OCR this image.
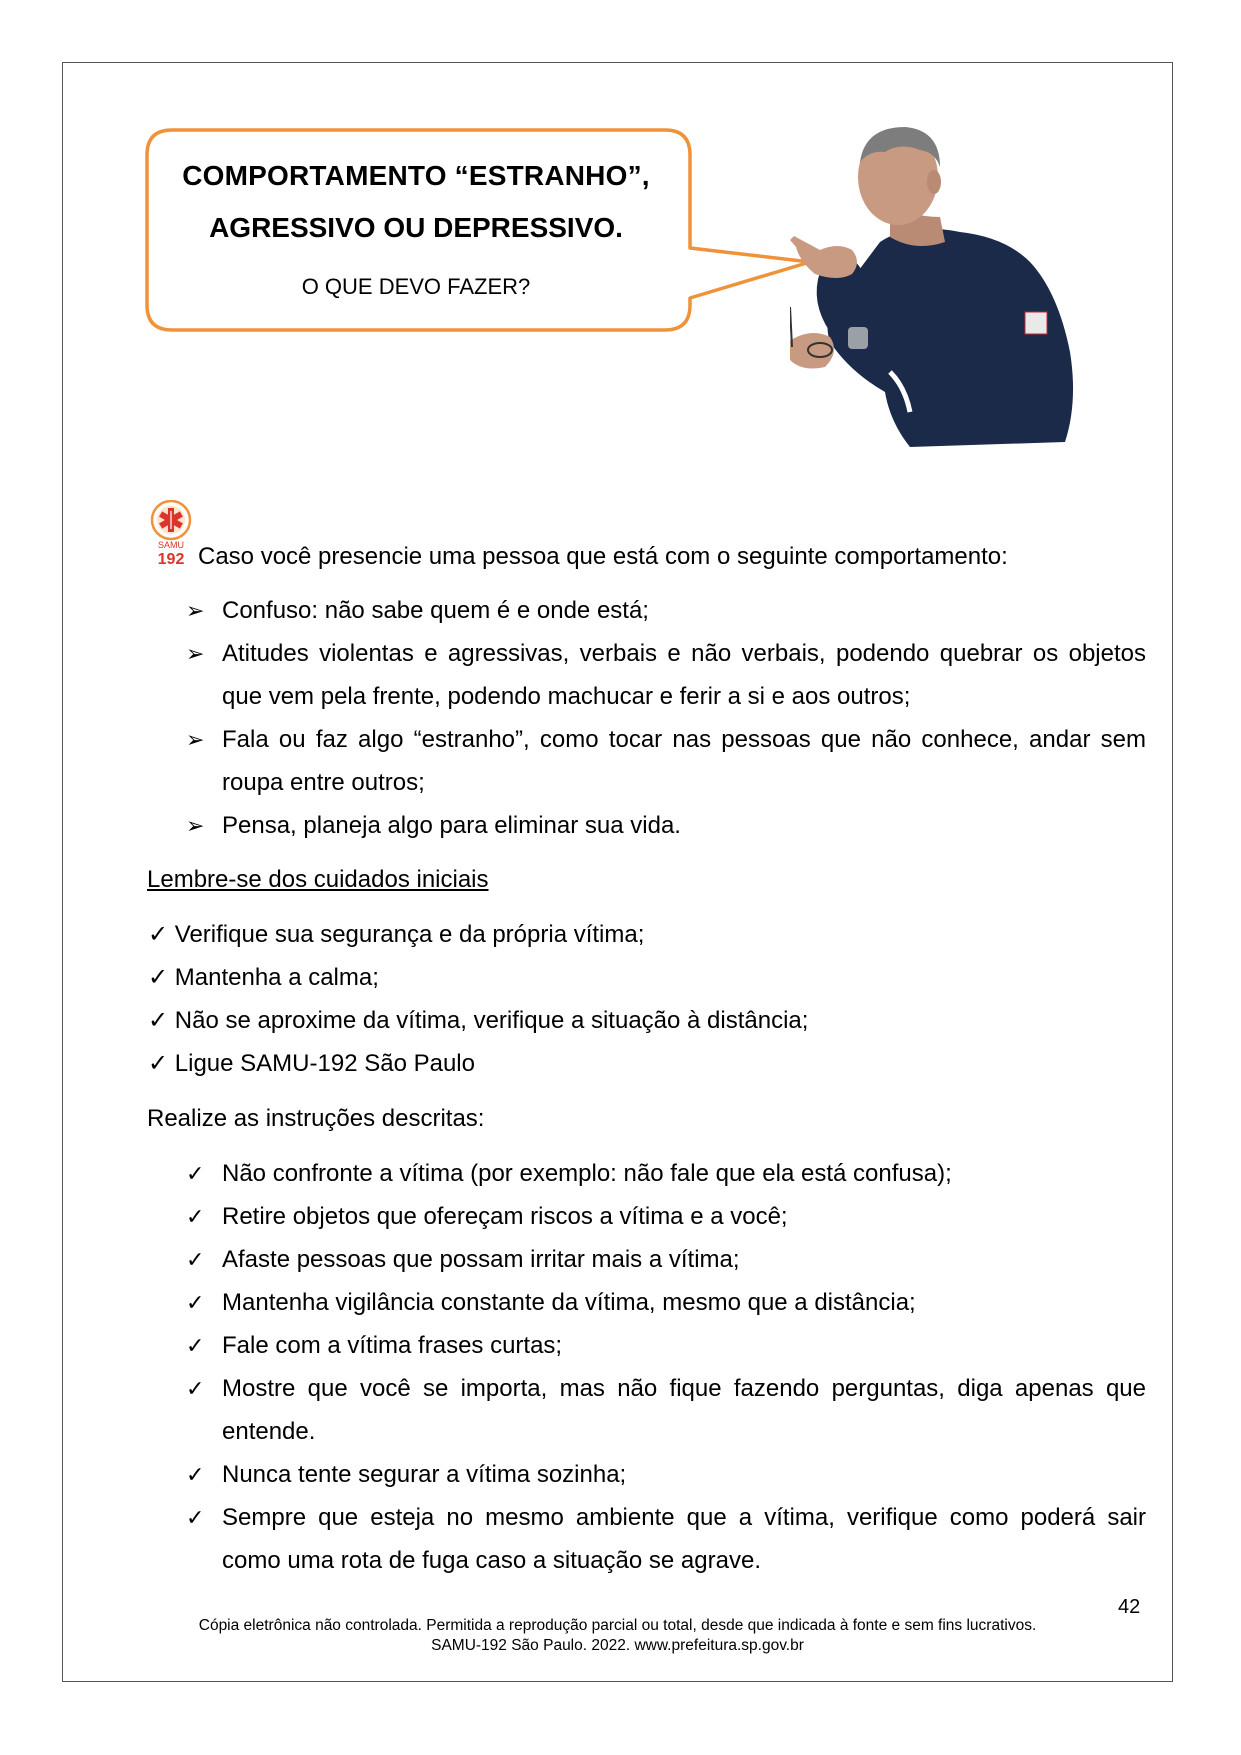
COMPORTAMENTO “ESTRANHO”,
AGRESSIVO OU DEPRESSIVO.
O QUE DEVO FAZER?
SAMU
192 Caso você presencie uma pessoa que está com o seguinte comportamento:
➢ Confuso: não sabe quem é e onde está;
➢ Atitudes violentas e agressivas, verbais e não verbais, podendo quebrar os objetos
que vem pela frente, podendo machucar e ferir a si e aos outros;
➢ Fala ou faz algo “estranho”, como tocar nas pessoas que não conhece, andar sem
roupa entre outros;
➢ Pensa, planeja algo para eliminar sua vida.
Lembre-se dos cuidados iniciais
✓ Verifique sua segurança e da própria vítima;
✓ Mantenha a calma;
✓ Não se aproxime da vítima, verifique a situação à distância;
✓ Ligue SAMU-192 São Paulo
Realize as instruções descritas:
✓ Não confronte a vítima (por exemplo: não fale que ela está confusa);
✓ Retire objetos que ofereçam riscos a vítima e a você;
✓ Afaste pessoas que possam irritar mais a vítima;
✓ Mantenha vigilância constante da vítima, mesmo que a distância;
✓ Fale com a vítima frases curtas;
✓ Mostre que você se importa, mas não fique fazendo perguntas, diga apenas que
entende.
✓ Nunca tente segurar a vítima sozinha;
✓ Sempre que esteja no mesmo ambiente que a vítima, verifique como poderá sair
como uma rota de fuga caso a situação se agrave.
42
Cópia eletrônica não controlada. Permitida a reprodução parcial ou total, desde que indicada à fonte e sem fins lucrativos.
SAMU-192 São Paulo. 2022. www.prefeitura.sp.gov.br
